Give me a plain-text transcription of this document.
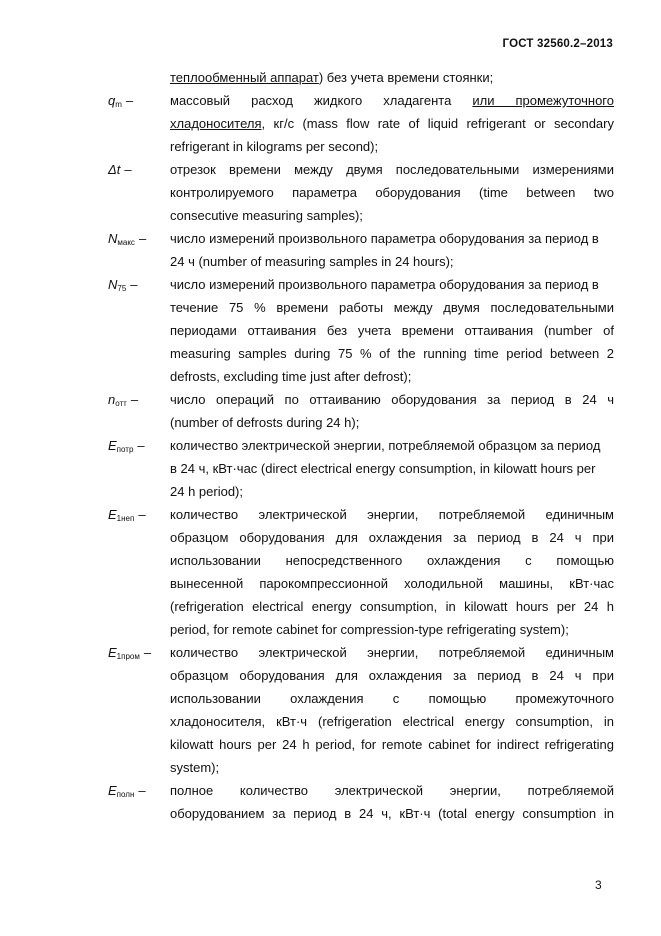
ГОСТ 32560.2–2013
теплообменный аппарат) без учета времени стоянки;
$q_m$ –	массовый расход жидкого хладагента или промежуточного
хладоносителя, кг/с (mass flow rate of liquid refrigerant or secondary
refrigerant in kilograms per second);
Δt –	отрезок времени между двумя последовательными измерениями
контролируемого параметра оборудования (time between two
consecutive measuring samples);
$N_{макс}$ – число измерений произвольного параметра оборудования за период в
24 ч (number of measuring samples in 24 hours);
$N_{75}$ – число измерений произвольного параметра оборудования за период в
течение 75 % времени работы между двумя последовательными
периодами оттаивания без учета времени оттаивания (number of
measuring samples during 75 % of the running time period between 2
defrosts, excluding time just after defrost);
$n_{отт}$ – число операций по оттаиванию оборудования за период в 24 ч
(number of defrosts during 24 h);
$E_{потр}$ – количество электрической энергии, потребляемой образцом за период
в 24 ч, кВт·час (direct electrical energy consumption, in kilowatt hours per
24 h period);
$E_{1неп}$ – количество электрической энергии, потребляемой единичным
образцом оборудования для охлаждения за период в 24 ч при
использовании непосредственного охлаждения с помощью
вынесенной парокомпрессионной холодильной машины, кВт·час
(refrigeration electrical energy consumption, in kilowatt hours per 24 h
period, for remote cabinet for compression-type refrigerating system);
$E_{1пром}$ – количество электрической энергии, потребляемой единичным
образцом оборудования для охлаждения за период в 24 ч при
использовании охлаждения с помощью промежуточного
хладоносителя, кВт·ч (refrigeration electrical energy consumption, in
kilowatt hours per 24 h period, for remote cabinet for indirect refrigerating
system);
$E_{полн}$ – полное количество электрической энергии, потребляемой
оборудованием за период в 24 ч, кВт·ч (total energy consumption in
3
